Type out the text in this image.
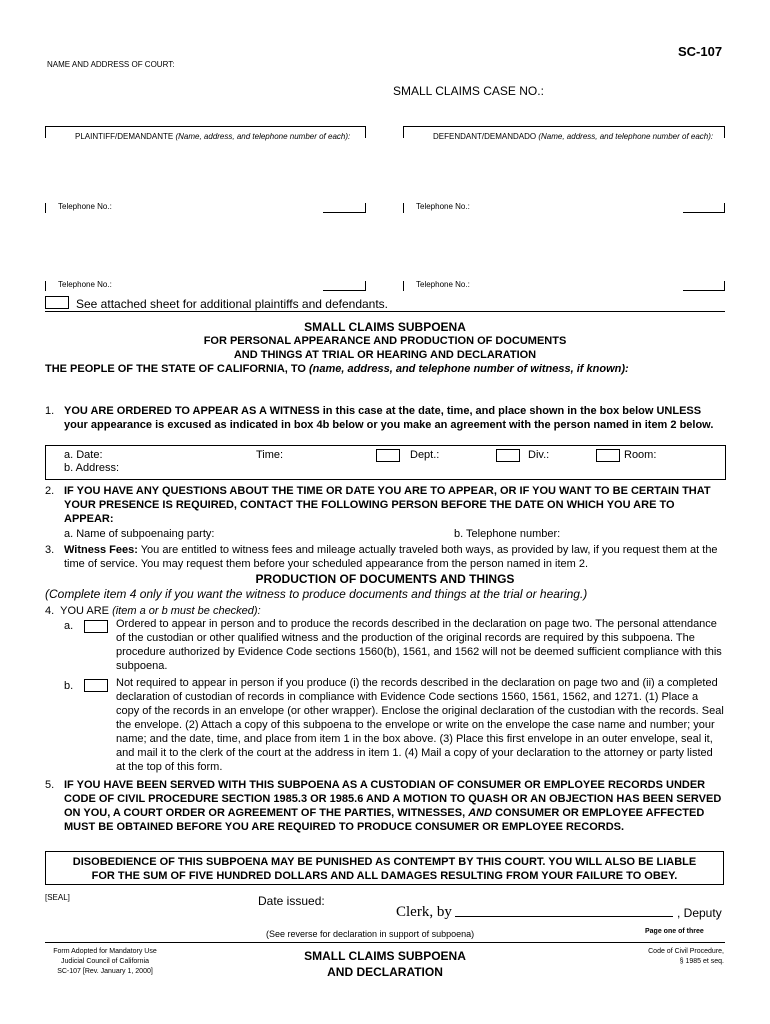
SC-107
NAME AND ADDRESS OF COURT:
SMALL CLAIMS CASE NO.:
PLAINTIFF/DEMANDANTE (Name, address, and telephone number of each):	DEFENDANT/DEMANDADO (Name, address, and telephone number of each):
Telephone No.:	Telephone No.:
Telephone No.:	Telephone No.:
See attached sheet for additional plaintiffs and defendants.
SMALL CLAIMS SUBPOENA
FOR PERSONAL APPEARANCE AND PRODUCTION OF DOCUMENTS
AND THINGS AT TRIAL OR HEARING AND DECLARATION
THE PEOPLE OF THE STATE OF CALIFORNIA, TO (name, address, and telephone number of witness, if known):
1. YOU ARE ORDERED TO APPEAR AS A WITNESS in this case at the date, time, and place shown in the box below UNLESS your appearance is excused as indicated in box 4b below or you make an agreement with the person named in item 2 below.
a. Date:	Time:	Dept.:	Div.:	Room:
b. Address:
2. IF YOU HAVE ANY QUESTIONS ABOUT THE TIME OR DATE YOU ARE TO APPEAR, OR IF YOU WANT TO BE CERTAIN THAT YOUR PRESENCE IS REQUIRED, CONTACT THE FOLLOWING PERSON BEFORE THE DATE ON WHICH YOU ARE TO APPEAR:
a. Name of subpoenaing party:	b. Telephone number:
3. Witness Fees: You are entitled to witness fees and mileage actually traveled both ways, as provided by law, if you request them at the time of service. You may request them before your scheduled appearance from the person named in item 2.
PRODUCTION OF DOCUMENTS AND THINGS
(Complete item 4 only if you want the witness to produce documents and things at the trial or hearing.)
4. YOU ARE (item a or b must be checked):
a.	Ordered to appear in person and to produce the records described in the declaration on page two. The personal attendance of the custodian or other qualified witness and the production of the original records are required by this subpoena. The procedure authorized by Evidence Code sections 1560(b), 1561, and 1562 will not be deemed sufficient compliance with this subpoena.
b.	Not required to appear in person if you produce (i) the records described in the declaration on page two and (ii) a completed declaration of custodian of records in compliance with Evidence Code sections 1560, 1561, 1562, and 1271. (1) Place a copy of the records in an envelope (or other wrapper). Enclose the original declaration of the custodian with the records. Seal the envelope. (2) Attach a copy of this subpoena to the envelope or write on the envelope the case name and number; your name; and the date, time, and place from item 1 in the box above. (3) Place this first envelope in an outer envelope, seal it, and mail it to the clerk of the court at the address in item 1. (4) Mail a copy of your declaration to the attorney or party listed at the top of this form.
5. IF YOU HAVE BEEN SERVED WITH THIS SUBPOENA AS A CUSTODIAN OF CONSUMER OR EMPLOYEE RECORDS UNDER CODE OF CIVIL PROCEDURE SECTION 1985.3 OR 1985.6 AND A MOTION TO QUASH OR AN OBJECTION HAS BEEN SERVED ON YOU, A COURT ORDER OR AGREEMENT OF THE PARTIES, WITNESSES, AND CONSUMER OR EMPLOYEE AFFECTED MUST BE OBTAINED BEFORE YOU ARE REQUIRED TO PRODUCE CONSUMER OR EMPLOYEE RECORDS.
DISOBEDIENCE OF THIS SUBPOENA MAY BE PUNISHED AS CONTEMPT BY THIS COURT. YOU WILL ALSO BE LIABLE
FOR THE SUM OF FIVE HUNDRED DOLLARS AND ALL DAMAGES RESULTING FROM YOUR FAILURE TO OBEY.
[SEAL]	Date issued:
Clerk, by	, Deputy
(See reverse for declaration in support of subpoena)	Page one of three
Form Adopted for Mandatory Use
Judicial Council of California
SC-107 [Rev. January 1, 2000]
SMALL CLAIMS SUBPOENA
AND DECLARATION
Code of Civil Procedure,
§ 1985 et seq.
